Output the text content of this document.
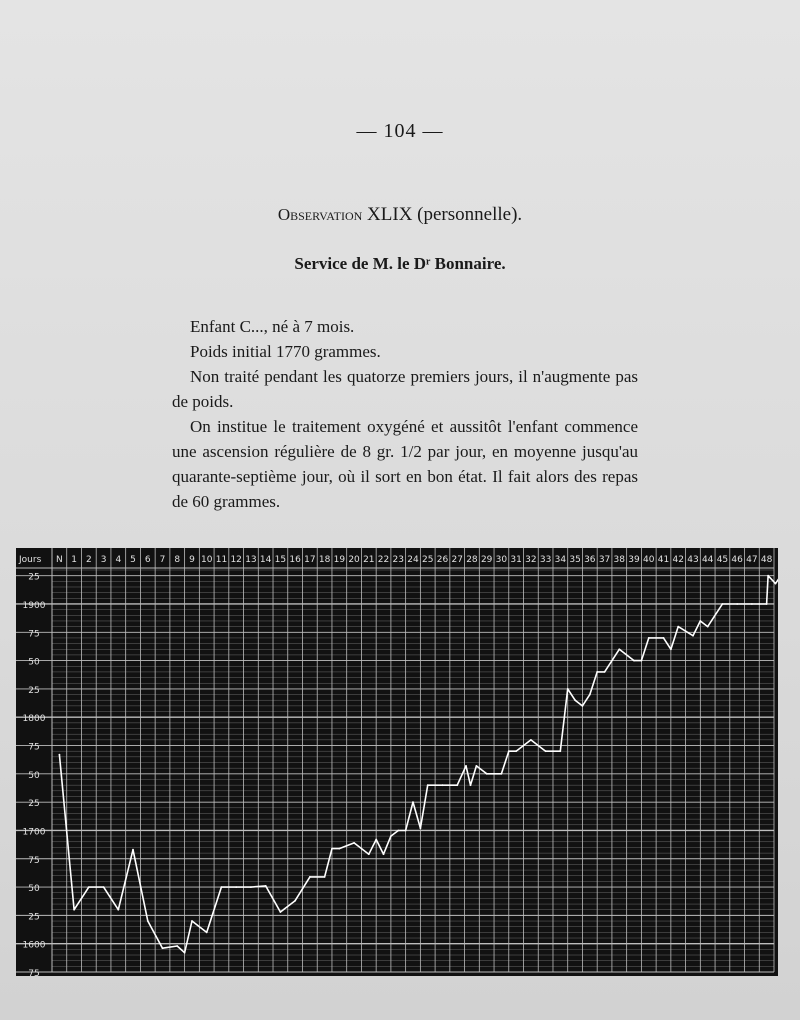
— 104 —
Observation XLIX (personnelle).
Service de M. le Dʳ Bonnaire.

Enfant C..., né à 7 mois.

Poids initial 1770 grammes.

Non traité pendant les quatorze premiers jours, il n'augmente pas de poids.

On institue le traitement oxygéné et aussitôt l'enfant commence une ascension régulière de 8 gr. 1/2 par jour, en moyenne jusqu'au quarante-septième jour, où il sort en bon état. Il fait alors des repas de 60 grammes.

Jours N 1 2 3 4 5 6 7 8 9 10 11 12 13 14 15 16 17 18 19 20 21 22 23 24 25 26 27 28 29 30 31 32 33 34 35 36 37 38 39 40 41 42 43 44 45 46 47 48
25
1900
75
50
25
1800
75
50
25
1700
75
50
25
1600
75
